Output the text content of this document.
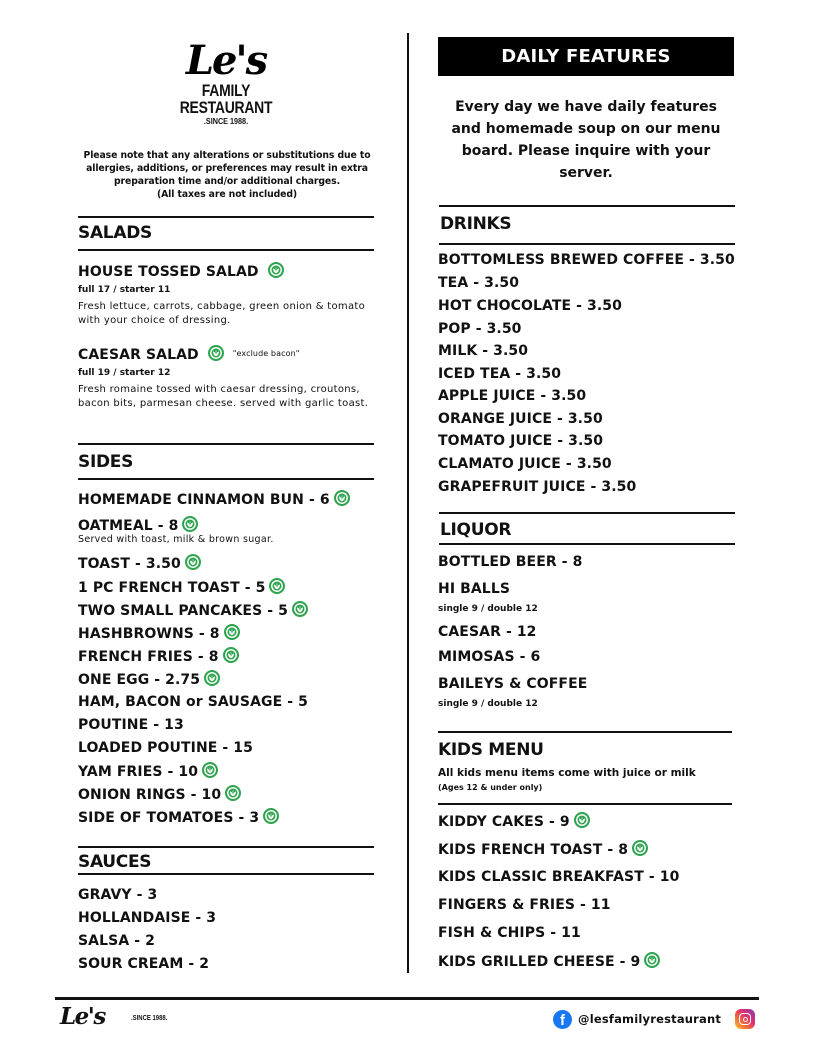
Le's
FAMILY
RESTAURANT
.SINCE 1988.
Please note that any alterations or substitutions due to allergies, additions, or preferences may result in extra preparation time and/or additional charges.
(All taxes are not included)
SALADS
HOUSE TOSSED SALAD
full 17 / starter 11
Fresh lettuce, carrots, cabbage, green onion & tomato with your choice of dressing.
CAESAR SALAD	$^{"exclude bacon"}$
full 19 / starter 12
Fresh romaine tossed with caesar dressing, croutons, bacon bits, parmesan cheese. served with garlic toast.
SIDES
HOMEMADE CINNAMON BUN - 6
OATMEAL - 8
Served with toast, milk & brown sugar.
TOAST - 3.50
1 PC FRENCH TOAST - 5
TWO SMALL PANCAKES - 5
HASHBROWNS - 8
FRENCH FRIES - 8
ONE EGG - 2.75
HAM, BACON or SAUSAGE - 5
POUTINE - 13
LOADED POUTINE - 15
YAM FRIES - 10
ONION RINGS - 10
SIDE OF TOMATOES - 3
SAUCES
GRAVY - 3
HOLLANDAISE - 3
SALSA - 2
SOUR CREAM - 2
DAILY FEATURES
Every day we have daily features and homemade soup on our menu board. Please inquire with your server.
DRINKS
BOTTOMLESS BREWED COFFEE - 3.50
TEA - 3.50
HOT CHOCOLATE - 3.50
POP - 3.50
MILK - 3.50
ICED TEA - 3.50
APPLE JUICE - 3.50
ORANGE JUICE - 3.50
TOMATO JUICE - 3.50
CLAMATO JUICE - 3.50
GRAPEFRUIT JUICE - 3.50
LIQUOR
BOTTLED BEER - 8
HI BALLS
single 9 / double 12
CAESAR - 12
MIMOSAS - 6
BAILEYS & COFFEE
single 9 / double 12
KIDS MENU
All kids menu items come with juice or milk
(Ages 12 & under only)
KIDDY CAKES - 9
KIDS FRENCH TOAST - 8
KIDS CLASSIC BREAKFAST - 10
FINGERS & FRIES - 11
FISH & CHIPS - 11
KIDS GRILLED CHEESE - 9
Le's	.SINCE 1988.	f	@lesfamilyrestaurant
